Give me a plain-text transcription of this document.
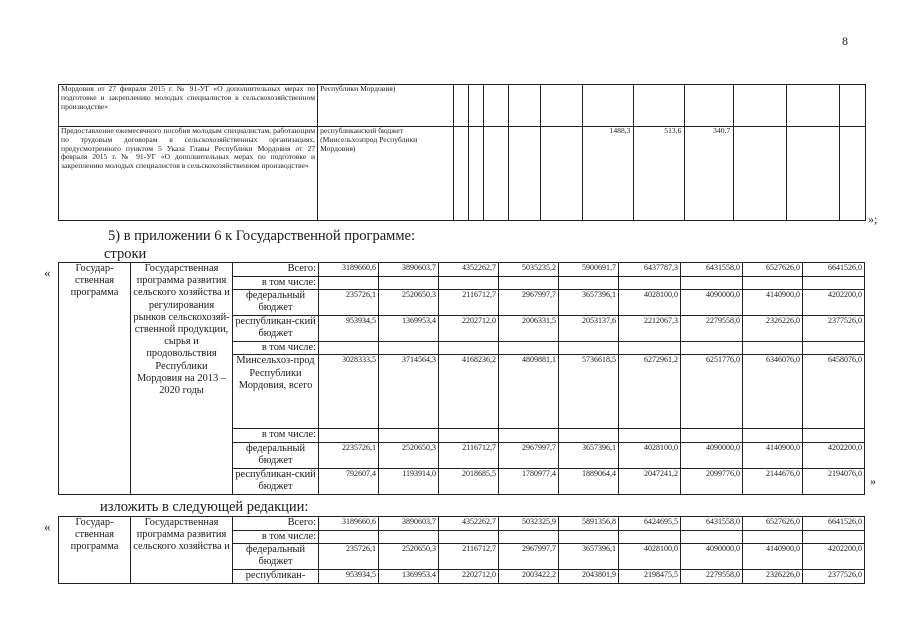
8
Мордовия от 27 февраля 2015 г. № 91-УГ «О дополнительных мерах по подготовке и закреплению молодых специалистов в сельскохозяйственном производстве»	Республики Мордовия)											
Предоставление ежемесячного пособия молодым специалистам, работающим по трудовым договорам в сельскохозяйственных организациях, предусмотренного пунктом 5 Указа Главы Республики Мордовия от 27 февраля 2015 г. № 91-УГ «О дополнительных мерах по подготовке и закреплению молодых специалистов в сельскохозяйственном производстве»	республиканский бюджет (Минсельхозпрод Республики Мордовия)						1488,3	513,6	340,7			
»;
5) в приложении 6 к Государственной программе:
строки
« Государ-ственная программа	Государственная программа развития сельского хозяйства и регулирования рынков сельскохозяй-ственной продукции, сырья и продовольствия Республики Мордовия на 2013 – 2020 годы	Всего:	3189660,6	3890603,7	4352262,7	5035235,2	5900691,7	6437787,3	6431558,0	6527626,0	6641526,0
		в том числе:									
		федеральный бюджет	235726,1	2520650,3	2116712,7	2967997,7	3657396,1	4028100,0	4090000,0	4140900,0	4202200,0
		республикан-ский бюджет	953934,5	1369953,4	2202712,0	2006331,5	2053137,6	2212067,3	2279558,0	2326226,0	2377526,0
		в том числе:									
		Минсельхоз-прод Республики Мордовия, всего	3028333,5	3714564,3	4168236,2	4809881,1	5736618,5	6272961,2	6251776,0	6346076,0	6458076,0
		в том числе:									
		федеральный бюджет	2235726,1	2520650,3	2116712,7	2967997,7	3657396,1	4028100,0	4090000,0	4140900,0	4202200,0
		республикан-ский бюджет	792607,4	1193914,0	2018685,5	1780977,4	1889064,4	2047241,2	2099776,0	2144676,0	2194076,0
»
изложить в следующей редакции:
« Государ-ственная программа	Государственная программа развития сельского хозяйства и	Всего:	3189660,6	3890603,7	4352262,7	5032325,9	5891356,8	6424695,5	6431558,0	6527626,0	6641526,0
		в том числе:									
		федеральный бюджет	235726,1	2520650,3	2116712,7	2967997,7	3657396,1	4028100,0	4090000,0	4140900,0	4202200,0
		республикан-	953934,5	1369953,4	2202712,0	2003422,2	2043801,9	2198475,5	2279558,0	2326226,0	2377526,0
